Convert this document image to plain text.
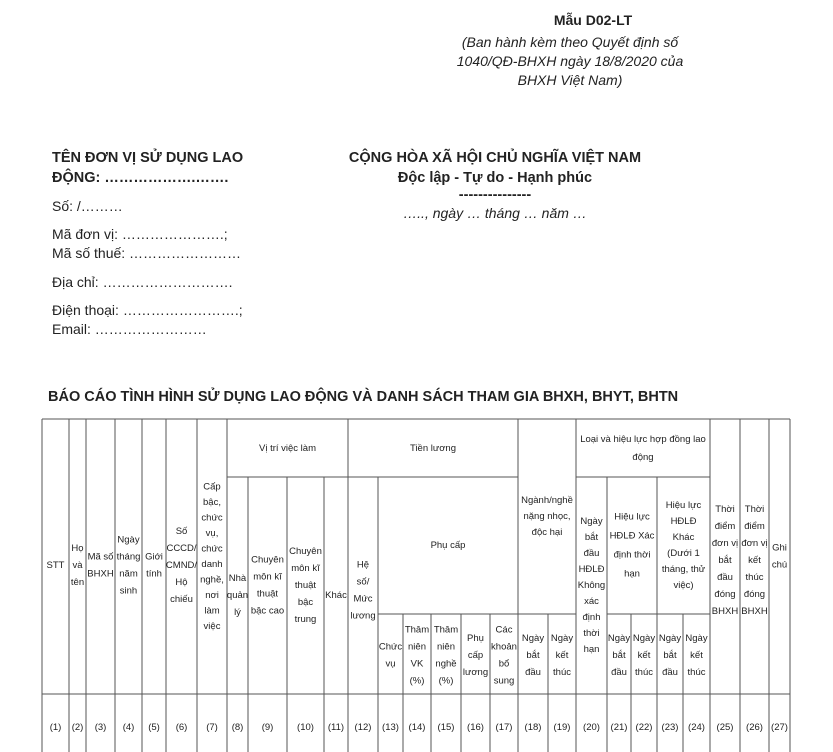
Mẫu D02-LT
(Ban hành kèm theo Quyết định số
1040/QĐ-BHXH ngày 18/8/2020 của
BHXH Việt Nam)
TÊN ĐƠN VỊ SỬ DỤNG LAO
ĐỘNG: ……………….…….
CỘNG HÒA XÃ HỘI CHỦ NGHĨA VIỆT NAM
Độc lập - Tự do - Hạnh phúc
---------------
….., ngày … tháng … năm …
Số: /………
Mã đơn vị: ………………….;
Mã số thuế: ……………………
Địa chỉ: ……………………….
Điện thoại: …………………….;
Email: ……………………
BÁO CÁO TÌNH HÌNH SỬ DỤNG LAO ĐỘNG VÀ DANH SÁCH THAM GIA BHXH, BHYT, BHTN
Vị trí việc làm	Tiền lương
Phụ cấp
Ngành/nghề nặng nhọc, độc hại
Loại và hiệu lực hợp đồng lao động
Hiệu lực HĐLĐ Xác định thời hạn
Hiệu lực HĐLĐ Khác (Dưới 1 tháng, thử việc)
STT
Họ và tên
Mã số BHXH
Ngày tháng năm sinh
Giới tính
Số CCCD/ CMND/ Hộ chiếu
Cấp bậc, chức vụ, chức danh nghề, nơi làm việc
Nhà quản lý
Chuyên môn kĩ thuật bậc cao
Chuyên môn kĩ thuật bậc trung
Khác
Hệ số/ Mức lương
Chức vụ
Thâm niên VK (%)
Thâm niên nghề (%)
Phụ cấp lương
Các khoản bổ sung
Ngày bắt đầu
Ngày kết thúc
Ngày bắt đầu HĐLĐ Không xác định thời hạn
Ngày bắt đầu
Ngày kết thúc
Ngày bắt đầu
Ngày kết thúc
Thời điểm đơn vị bắt đầu đóng BHXH
Thời điểm đơn vị kết thúc đóng BHXH
Ghi chú
(1) (2) (3) (4) (5) (6) (7) (8) (9) (10) (11) (12) (13) (14) (15) (16) (17) (18) (19) (20) (21) (22) (23) (24) (25) (26) (27)
